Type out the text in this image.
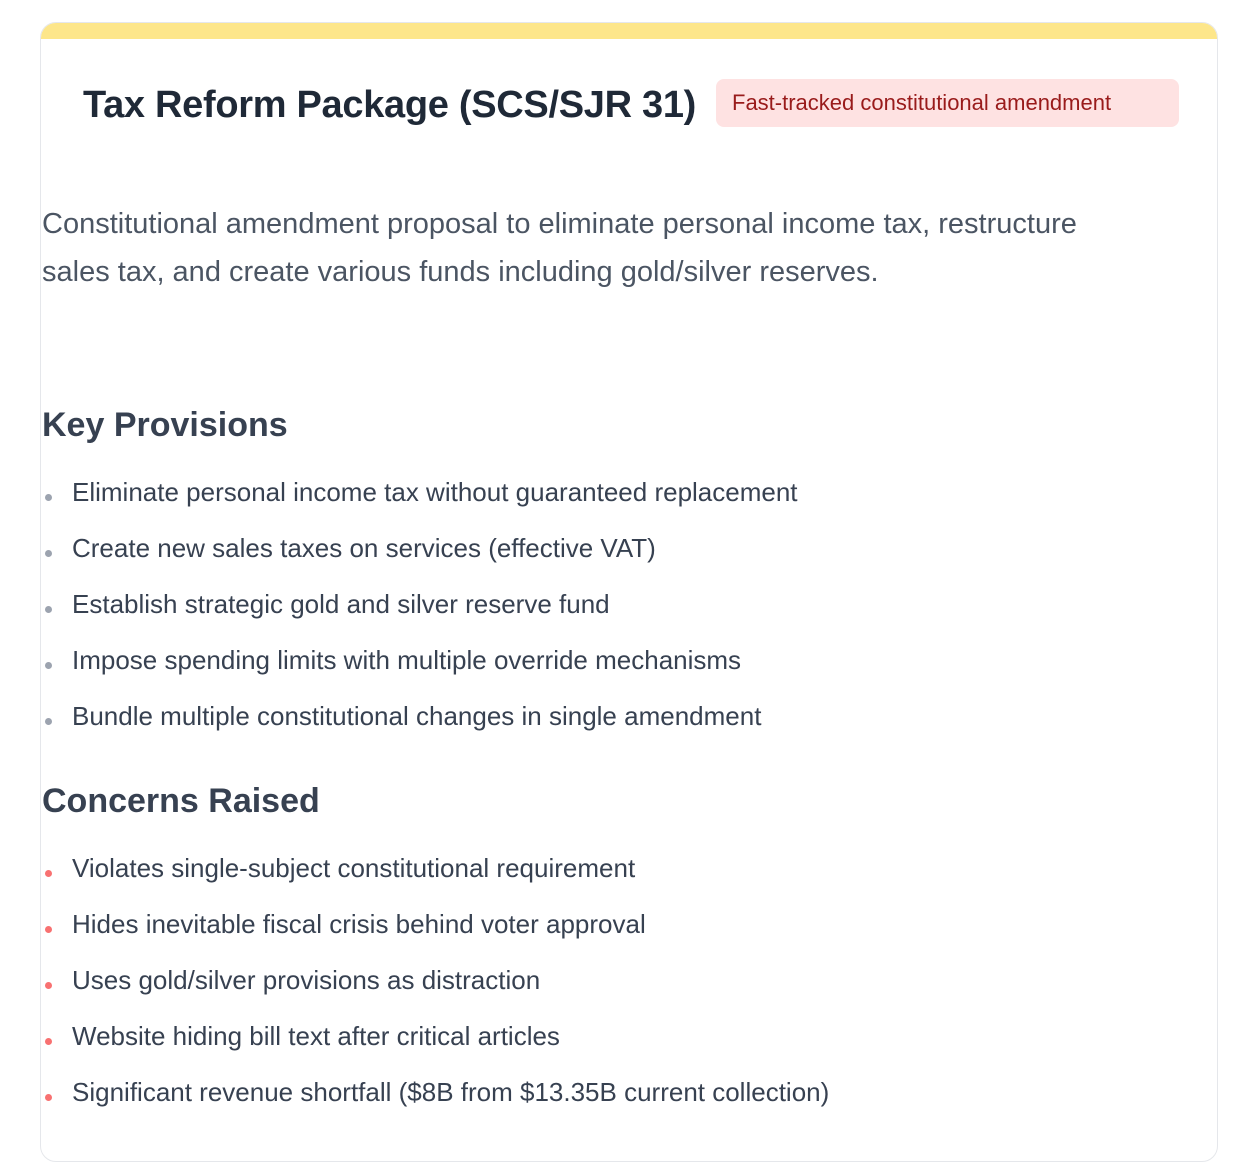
Tax Reform Package (SCS/SJR 31)	Fast-tracked constitutional amendment

Constitutional amendment proposal to eliminate personal income tax, restructure sales tax, and create various funds including gold/silver reserves.

Key Provisions
Eliminate personal income tax without guaranteed replacement
Create new sales taxes on services (effective VAT)
Establish strategic gold and silver reserve fund
Impose spending limits with multiple override mechanisms
Bundle multiple constitutional changes in single amendment
Concerns Raised
Violates single-subject constitutional requirement
Hides inevitable fiscal crisis behind voter approval
Uses gold/silver provisions as distraction
Website hiding bill text after critical articles
Significant revenue shortfall ($8B from $13.35B current collection)
